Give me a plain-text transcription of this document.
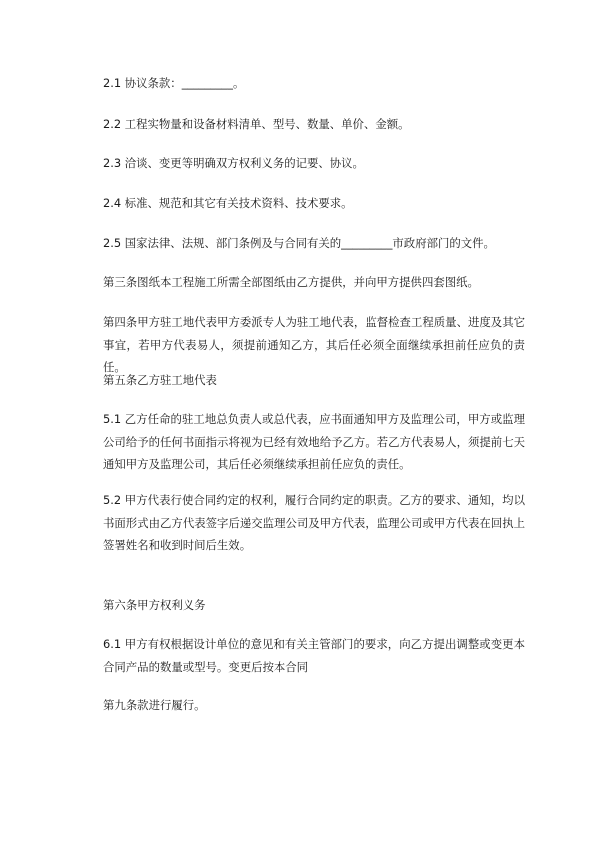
2.1 协议条款：_________。

2.2 工程实物量和设备材料清单、型号、数量、单价、金额。

2.3 洽谈、变更等明确双方权利义务的记要、协议。

2.4 标准、规范和其它有关技术资料、技术要求。

2.5 国家法律、法规、部门条例及与合同有关的_________市政府部门的文件。

第三条图纸本工程施工所需全部图纸由乙方提供，并向甲方提供四套图纸。

第四条甲方驻工地代表甲方委派专人为驻工地代表，监督检查工程质量、进度及其它事宜，若甲方代表易人，须提前通知乙方，其后任必须全面继续承担前任应负的责任。

第五条乙方驻工地代表

5.1 乙方任命的驻工地总负责人或总代表，应书面通知甲方及监理公司，甲方或监理公司给予的任何书面指示将视为已经有效地给予乙方。若乙方代表易人，须提前七天通知甲方及监理公司，其后任必须继续承担前任应负的责任。

5.2 甲方代表行使合同约定的权利，履行合同约定的职责。乙方的要求、通知，均以书面形式由乙方代表签字后递交监理公司及甲方代表，监理公司或甲方代表在回执上签署姓名和收到时间后生效。

第六条甲方权利义务

6.1 甲方有权根据设计单位的意见和有关主管部门的要求，向乙方提出调整或变更本合同产品的数量或型号。变更后按本合同

第九条款进行履行。
